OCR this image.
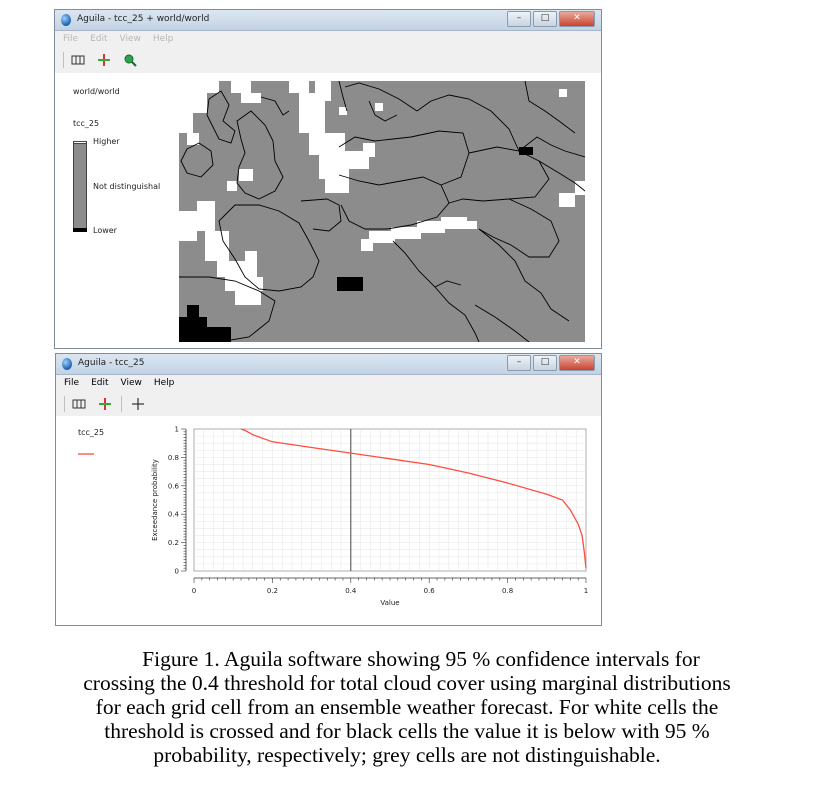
Aguila - tcc_25 + world/world	–	□	✕
File Edit View Help
world/world
tcc_25
Higher
Not distinguishal
Lower
Aguila - tcc_25	–	□	✕
File Edit View Help
tcc_25
0	0.2	0.4	0.6	0.8	1
0
0.2
0.4
0.6
0.8
1
Value
Exceedance probability
Figure 1. Aguila software showing 95 % confidence intervals for
crossing the 0.4 threshold for total cloud cover using marginal distributions
for each grid cell from an ensemble weather forecast. For white cells the
threshold is crossed and for black cells the value it is below with 95 %
probability, respectively; grey cells are not distinguishable.
